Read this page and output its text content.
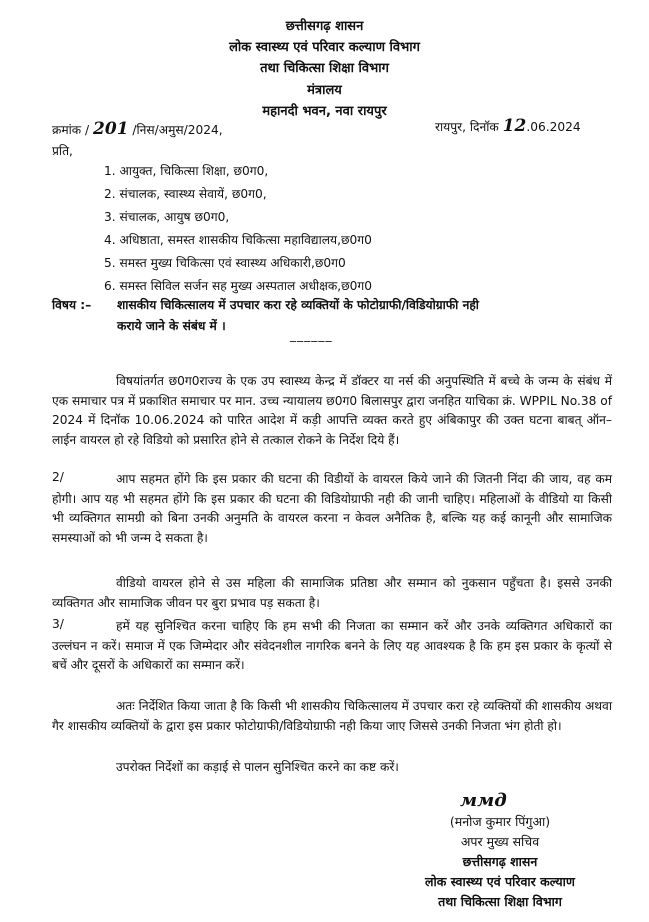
छत्तीसगढ़ शासन
लोक स्वास्थ्य एवं परिवार कल्याण विभाग
तथा चिकित्सा शिक्षा विभाग
मंत्रालय
महानदी भवन, नवा रायपुर
क्रमांक / 201 /निस/अमुस/2024,	रायपुर, दिनॉक 12.06.2024
प्रति,
1. आयुक्त, चिकित्सा शिक्षा, छ0ग0,
2. संचालक, स्वास्थ्य सेवायें, छ0ग0,
3. संचालक, आयुष छ0ग0,
4. अधिष्ठाता, समस्त शासकीय चिकित्सा महाविद्यालय,छ0ग0
5. समस्त मुख्य चिकित्सा एवं स्वास्थ्य अधिकारी,छ0ग0
6. समस्त सिविल सर्जन सह मुख्य अस्पताल अधीक्षक,छ0ग0
विषय :– शासकीय चिकित्सालय में उपचार करा रहे व्यक्तियों के फोटोग्राफी/विडियोग्राफी नही
कराये जाने के संबंध में ।
______

विषयांतर्गत छ0ग0राज्य के एक उप स्वास्थ्य केन्द्र में डॉक्टर या नर्स की अनुपस्थिति में बच्चे के जन्म के संबंध में एक समाचार पत्र में प्रकाशित समाचार पर मान. उच्च न्यायालय छ0ग0 बिलासपुर द्वारा जनहित याचिका क्रं. WPPIL No.38 of 2024 में दिनॉक 10.06.2024 को पारित आदेश में कड़ी आपत्ति व्यक्त करते हुए अंबिकापुर की उक्त घटना बाबत् ऑन–लाईन वायरल हो रहे विडियो को प्रसारित होने से तत्काल रोकने के निर्देश दिये हैं।

2/	आप सहमत होंगे कि इस प्रकार की घटना की विडीयों के वायरल किये जाने की जितनी निंदा की जाय, वह कम होगी। आप यह भी सहमत होंगे कि इस प्रकार की घटना की विडियोग्राफी नही की जानी चाहिए। महिलाओं के वीडियो या किसी भी व्यक्तिगत सामग्री को बिना उनकी अनुमति के वायरल करना न केवल अनैतिक है, बल्कि यह कई कानूनी और सामाजिक समस्याओं को भी जन्म दे सकता है।

वीडियो वायरल होने से उस महिला की सामाजिक प्रतिष्ठा और सम्मान को नुकसान पहुँचता है। इससे उनकी व्यक्तिगत और सामाजिक जीवन पर बुरा प्रभाव पड़ सकता है।

3/	हमें यह सुनिश्चित करना चाहिए कि हम सभी की निजता का सम्मान करें और उनके व्यक्तिगत अधिकारों का उल्लंघन न करें। समाज में एक जिम्मेदार और संवेदनशील नागरिक बनने के लिए यह आवश्यक है कि हम इस प्रकार के कृत्यों से बचें और दूसरों के अधिकारों का सम्मान करें।

अतः निर्देशित किया जाता है कि किसी भी शासकीय चिकित्सालय में उपचार करा रहे व्यक्तियों की शासकीय अथवा गैर शासकीय व्यक्तियों के द्वारा इस प्रकार फोटोग्राफी/विडियोग्राफी नही किया जाए जिससे उनकी निजता भंग होती हो।

उपरोक्त निर्देशों का कड़ाई से पालन सुनिश्चित करने का कष्ट करें।

ммд
(मनोज कुमार पिंगुआ)
अपर मुख्य सचिव
छत्तीसगढ़ शासन
लोक स्वास्थ्य एवं परिवार कल्याण
तथा चिकित्सा शिक्षा विभाग
